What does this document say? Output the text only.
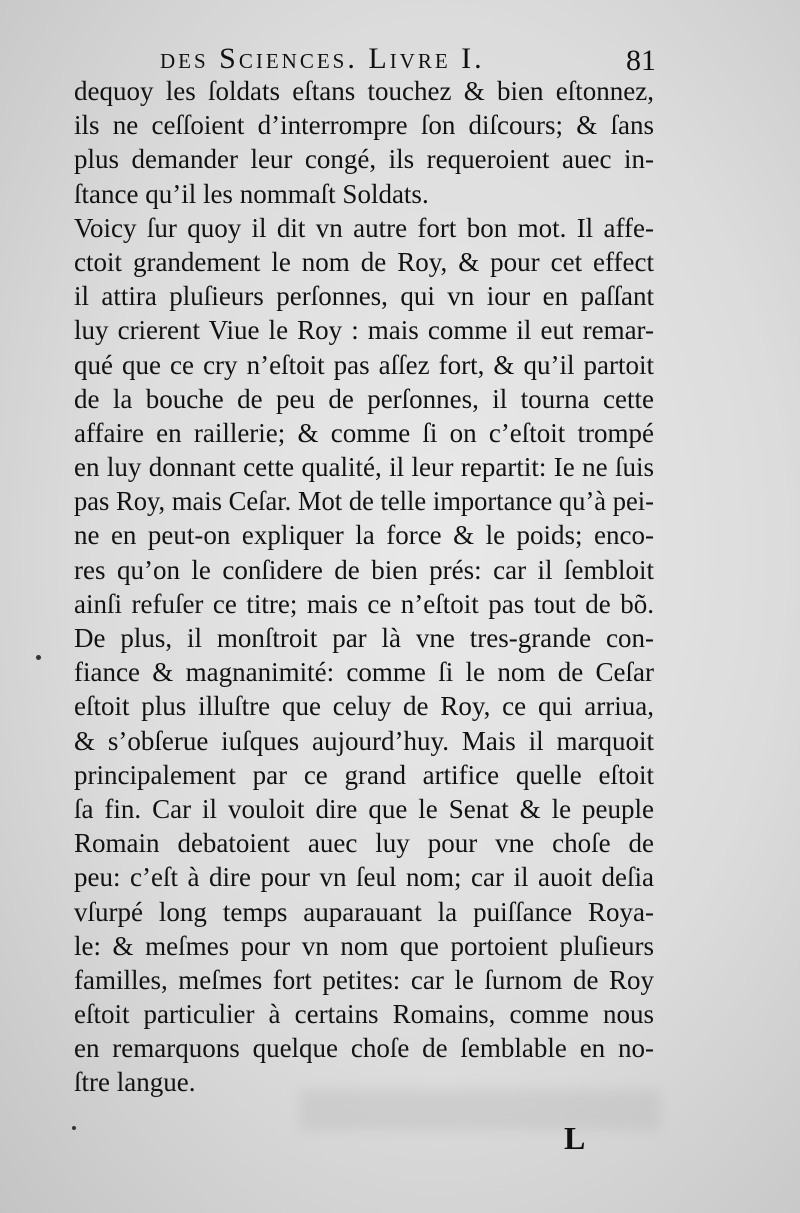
des Sciences. Livre I.	81
dequoy les ſoldats eſtans touchez & bien eſtonnez,
ils ne ceſſoient d’interrompre ſon diſcours; & ſans
plus demander leur congé, ils requeroient auec in-
ſtance qu’il les nommaſt Soldats.
Voicy ſur quoy il dit vn autre fort bon mot. Il affe-
ctoit grandement le nom de Roy, & pour cet effect
il attira pluſieurs perſonnes, qui vn iour en paſſant
luy crierent Viue le Roy : mais comme il eut remar-
qué que ce cry n’eſtoit pas aſſez fort, & qu’il partoit
de la bouche de peu de perſonnes, il tourna cette
affaire en raillerie; & comme ſi on c’eſtoit trompé
en luy donnant cette qualité, il leur repartit: Ie ne ſuis
pas Roy, mais Ceſar. Mot de telle importance qu’à pei-
ne en peut-on expliquer la force & le poids; enco-
res qu’on le conſidere de bien prés: car il ſembloit
ainſi refuſer ce titre; mais ce n’eſtoit pas tout de bõ.
De plus, il monſtroit par là vne tres-grande con-
fiance & magnanimité: comme ſi le nom de Ceſar
eſtoit plus illuſtre que celuy de Roy, ce qui arriua,
& s’obſerue iuſques aujourd’huy. Mais il marquoit
principalement par ce grand artifice quelle eſtoit
ſa fin. Car il vouloit dire que le Senat & le peuple
Romain debatoient auec luy pour vne choſe de
peu: c’eſt à dire pour vn ſeul nom; car il auoit deſia
vſurpé long temps auparauant la puiſſance Roya-
le: & meſmes pour vn nom que portoient pluſieurs
familles, meſmes fort petites: car le ſurnom de Roy
eſtoit particulier à certains Romains, comme nous
en remarquons quelque choſe de ſemblable en no-
ſtre langue.
L
